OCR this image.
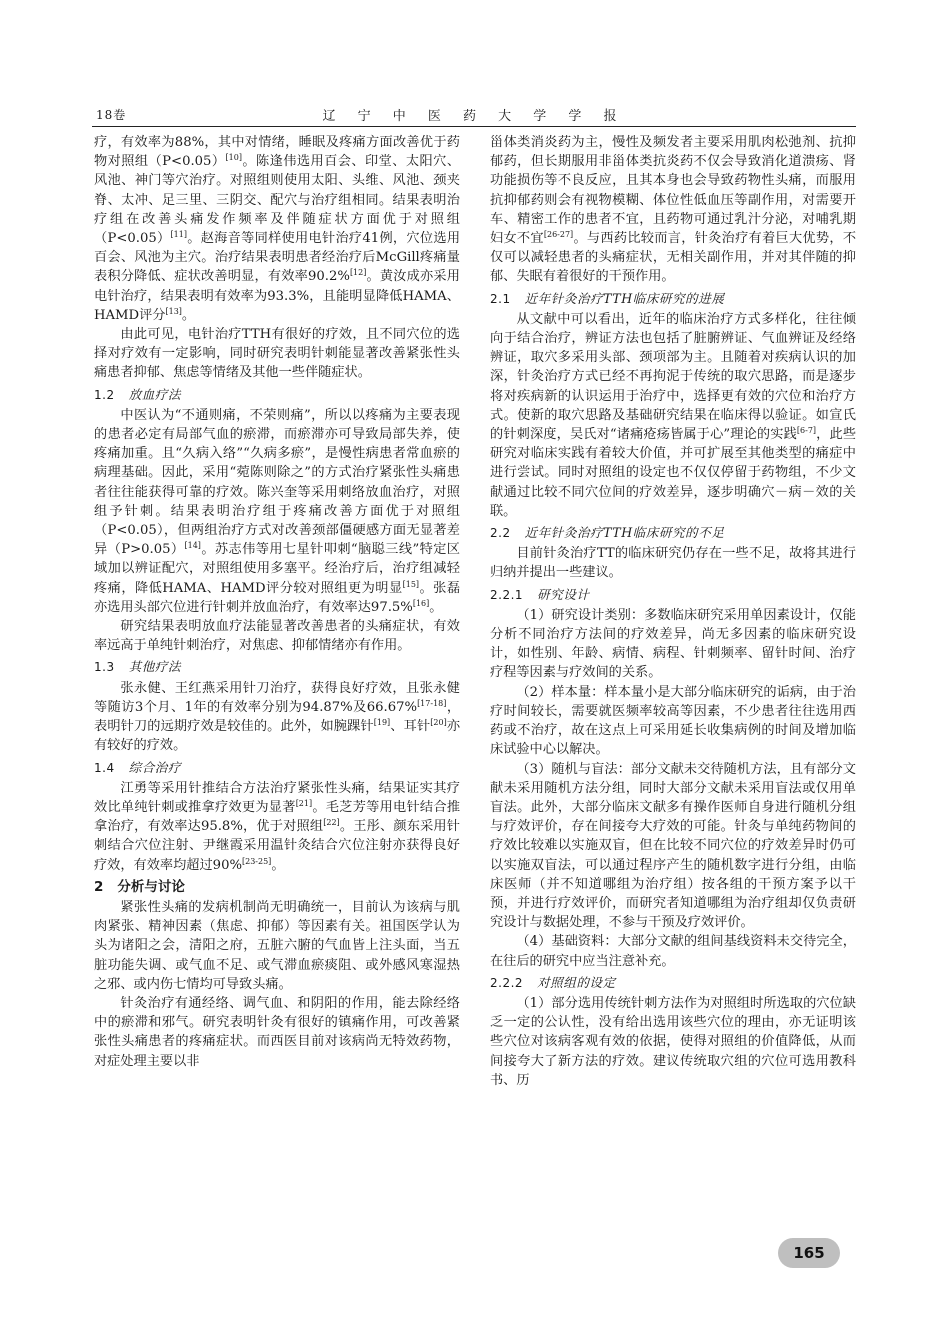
18卷	辽 宁 中 医 药 大 学 学 报

疗，有效率为88%，其中对情绪，睡眠及疼痛方面改善优于药物对照组（P<0.05）[10]。陈逢伟选用百会、印堂、太阳穴、风池、神门等穴治疗。对照组则使用太阳、头维、风池、颈夹脊、太冲、足三里、三阴交、配穴与治疗组相同。结果表明治疗组在改善头痛发作频率及伴随症状方面优于对照组（P<0.05）[11]。赵海音等同样使用电针治疗41例，穴位选用百会、风池为主穴。治疗结果表明患者经治疗后McGill疼痛量表积分降低、症状改善明显，有效率90.2%[12]。黄汝成亦采用电针治疗，结果表明有效率为93.3%，且能明显降低HAMA、HAMD评分[13]。

由此可见，电针治疗TTH有很好的疗效，且不同穴位的选择对疗效有一定影响，同时研究表明针刺能显著改善紧张性头痛患者抑郁、焦虑等情绪及其他一些伴随症状。

1.2 放血疗法

中医认为“不通则痛，不荣则痛”，所以以疼痛为主要表现的患者必定有局部气血的瘀滞，而瘀滞亦可导致局部失养，使疼痛加重。且“久病入络”“久病多瘀”，是慢性病患者常血瘀的病理基础。因此，采用“菀陈则除之”的方式治疗紧张性头痛患者往往能获得可靠的疗效。陈兴奎等采用刺络放血治疗，对照组予针刺。结果表明治疗组于疼痛改善方面优于对照组（P<0.05），但两组治疗方式对改善颈部僵硬感方面无显著差异（P>0.05）[14]。苏志伟等用七星针叩刺“脑聪三线”特定区域加以辨证配穴，对照组使用多塞平。经治疗后，治疗组减轻疼痛，降低HAMA、HAMD评分较对照组更为明显[15]。张磊亦选用头部穴位进行针刺并放血治疗，有效率达97.5%[16]。

研究结果表明放血疗法能显著改善患者的头痛症状，有效率远高于单纯针刺治疗，对焦虑、抑郁情绪亦有作用。

1.3 其他疗法

张永健、王红燕采用针刀治疗，获得良好疗效，且张永健等随访3个月、1年的有效率分别为94.87%及66.67%[17-18]，表明针刀的远期疗效是较佳的。此外，如腕踝针[19]、耳针[20]亦有较好的疗效。

1.4 综合治疗

江勇等采用针推结合方法治疗紧张性头痛，结果证实其疗效比单纯针刺或推拿疗效更为显著[21]。毛芝芳等用电针结合推拿治疗，有效率达95.8%，优于对照组[22]。王彤、颜东采用针刺结合穴位注射、尹继霞采用温针灸结合穴位注射亦获得良好疗效，有效率均超过90%[23-25]。

2 分析与讨论

紧张性头痛的发病机制尚无明确统一，目前认为该病与肌肉紧张、精神因素（焦虑、抑郁）等因素有关。祖国医学认为头为诸阳之会，清阳之府，五脏六腑的气血皆上注头面，当五脏功能失调、或气血不足、或气滞血瘀痰阻、或外感风寒湿热之邪、或内伤七情均可导致头痛。

针灸治疗有通经络、调气血、和阴阳的作用，能去除经络中的瘀滞和邪气。研究表明针灸有很好的镇痛作用，可改善紧张性头痛患者的疼痛症状。而西医目前对该病尚无特效药物，对症处理主要以非

甾体类消炎药为主，慢性及频发者主要采用肌肉松弛剂、抗抑郁药，但长期服用非甾体类抗炎药不仅会导致消化道溃疡、肾功能损伤等不良反应，且其本身也会导致药物性头痛，而服用抗抑郁药则会有视物模糊、体位性低血压等副作用，对需要开车、精密工作的患者不宜，且药物可通过乳汁分泌，对哺乳期妇女不宜[26-27]。与西药比较而言，针灸治疗有着巨大优势，不仅可以减轻患者的头痛症状，无相关副作用，并对其伴随的抑郁、失眠有着很好的干预作用。

2.1 近年针灸治疗TTH临床研究的进展

从文献中可以看出，近年的临床治疗方式多样化，往往倾向于结合治疗，辨证方法也包括了脏腑辨证、气血辨证及经络辨证，取穴多采用头部、颈项部为主。且随着对疾病认识的加深，针灸治疗方式已经不再拘泥于传统的取穴思路，而是逐步将对疾病新的认识运用于治疗中，选择更有效的穴位和治疗方式。使新的取穴思路及基础研究结果在临床得以验证。如宣氏的针刺深度，吴氏对“诸痛疮疡皆属于心”理论的实践[6-7]，此些研究对临床实践有着较大价值，并可扩展至其他类型的痛症中进行尝试。同时对照组的设定也不仅仅停留于药物组，不少文献通过比较不同穴位间的疗效差异，逐步明确穴－病－效的关联。

2.2 近年针灸治疗TTH临床研究的不足

目前针灸治疗TT的临床研究仍存在一些不足，故将其进行归纳并提出一些建议。

2.2.1 研究设计

（1）研究设计类别：多数临床研究采用单因素设计，仅能分析不同治疗方法间的疗效差异，尚无多因素的临床研究设计，如性别、年龄、病情、病程、针刺频率、留针时间、治疗疗程等因素与疗效间的关系。

（2）样本量：样本量小是大部分临床研究的诟病，由于治疗时间较长，需要就医频率较高等因素，不少患者往往选用西药或不治疗，故在这点上可采用延长收集病例的时间及增加临床试验中心以解决。

（3）随机与盲法：部分文献未交待随机方法，且有部分文献未采用随机方法分组，同时大部分文献未采用盲法或仅用单盲法。此外，大部分临床文献多有操作医师自身进行随机分组与疗效评价，存在间接夸大疗效的可能。针灸与单纯药物间的疗效比较难以实施双盲，但在比较不同穴位的疗效差异时仍可以实施双盲法，可以通过程序产生的随机数字进行分组，由临床医师（并不知道哪组为治疗组）按各组的干预方案予以干预，并进行疗效评价，而研究者知道哪组为治疗组却仅负责研究设计与数据处理，不参与干预及疗效评价。

（4）基础资料：大部分文献的组间基线资料未交待完全，在往后的研究中应当注意补充。

2.2.2 对照组的设定

（1）部分选用传统针刺方法作为对照组时所选取的穴位缺乏一定的公认性，没有给出选用该些穴位的理由，亦无证明该些穴位对该病客观有效的依据，使得对照组的价值降低，从而间接夸大了新方法的疗效。建议传统取穴组的穴位可选用教科书、历

165
